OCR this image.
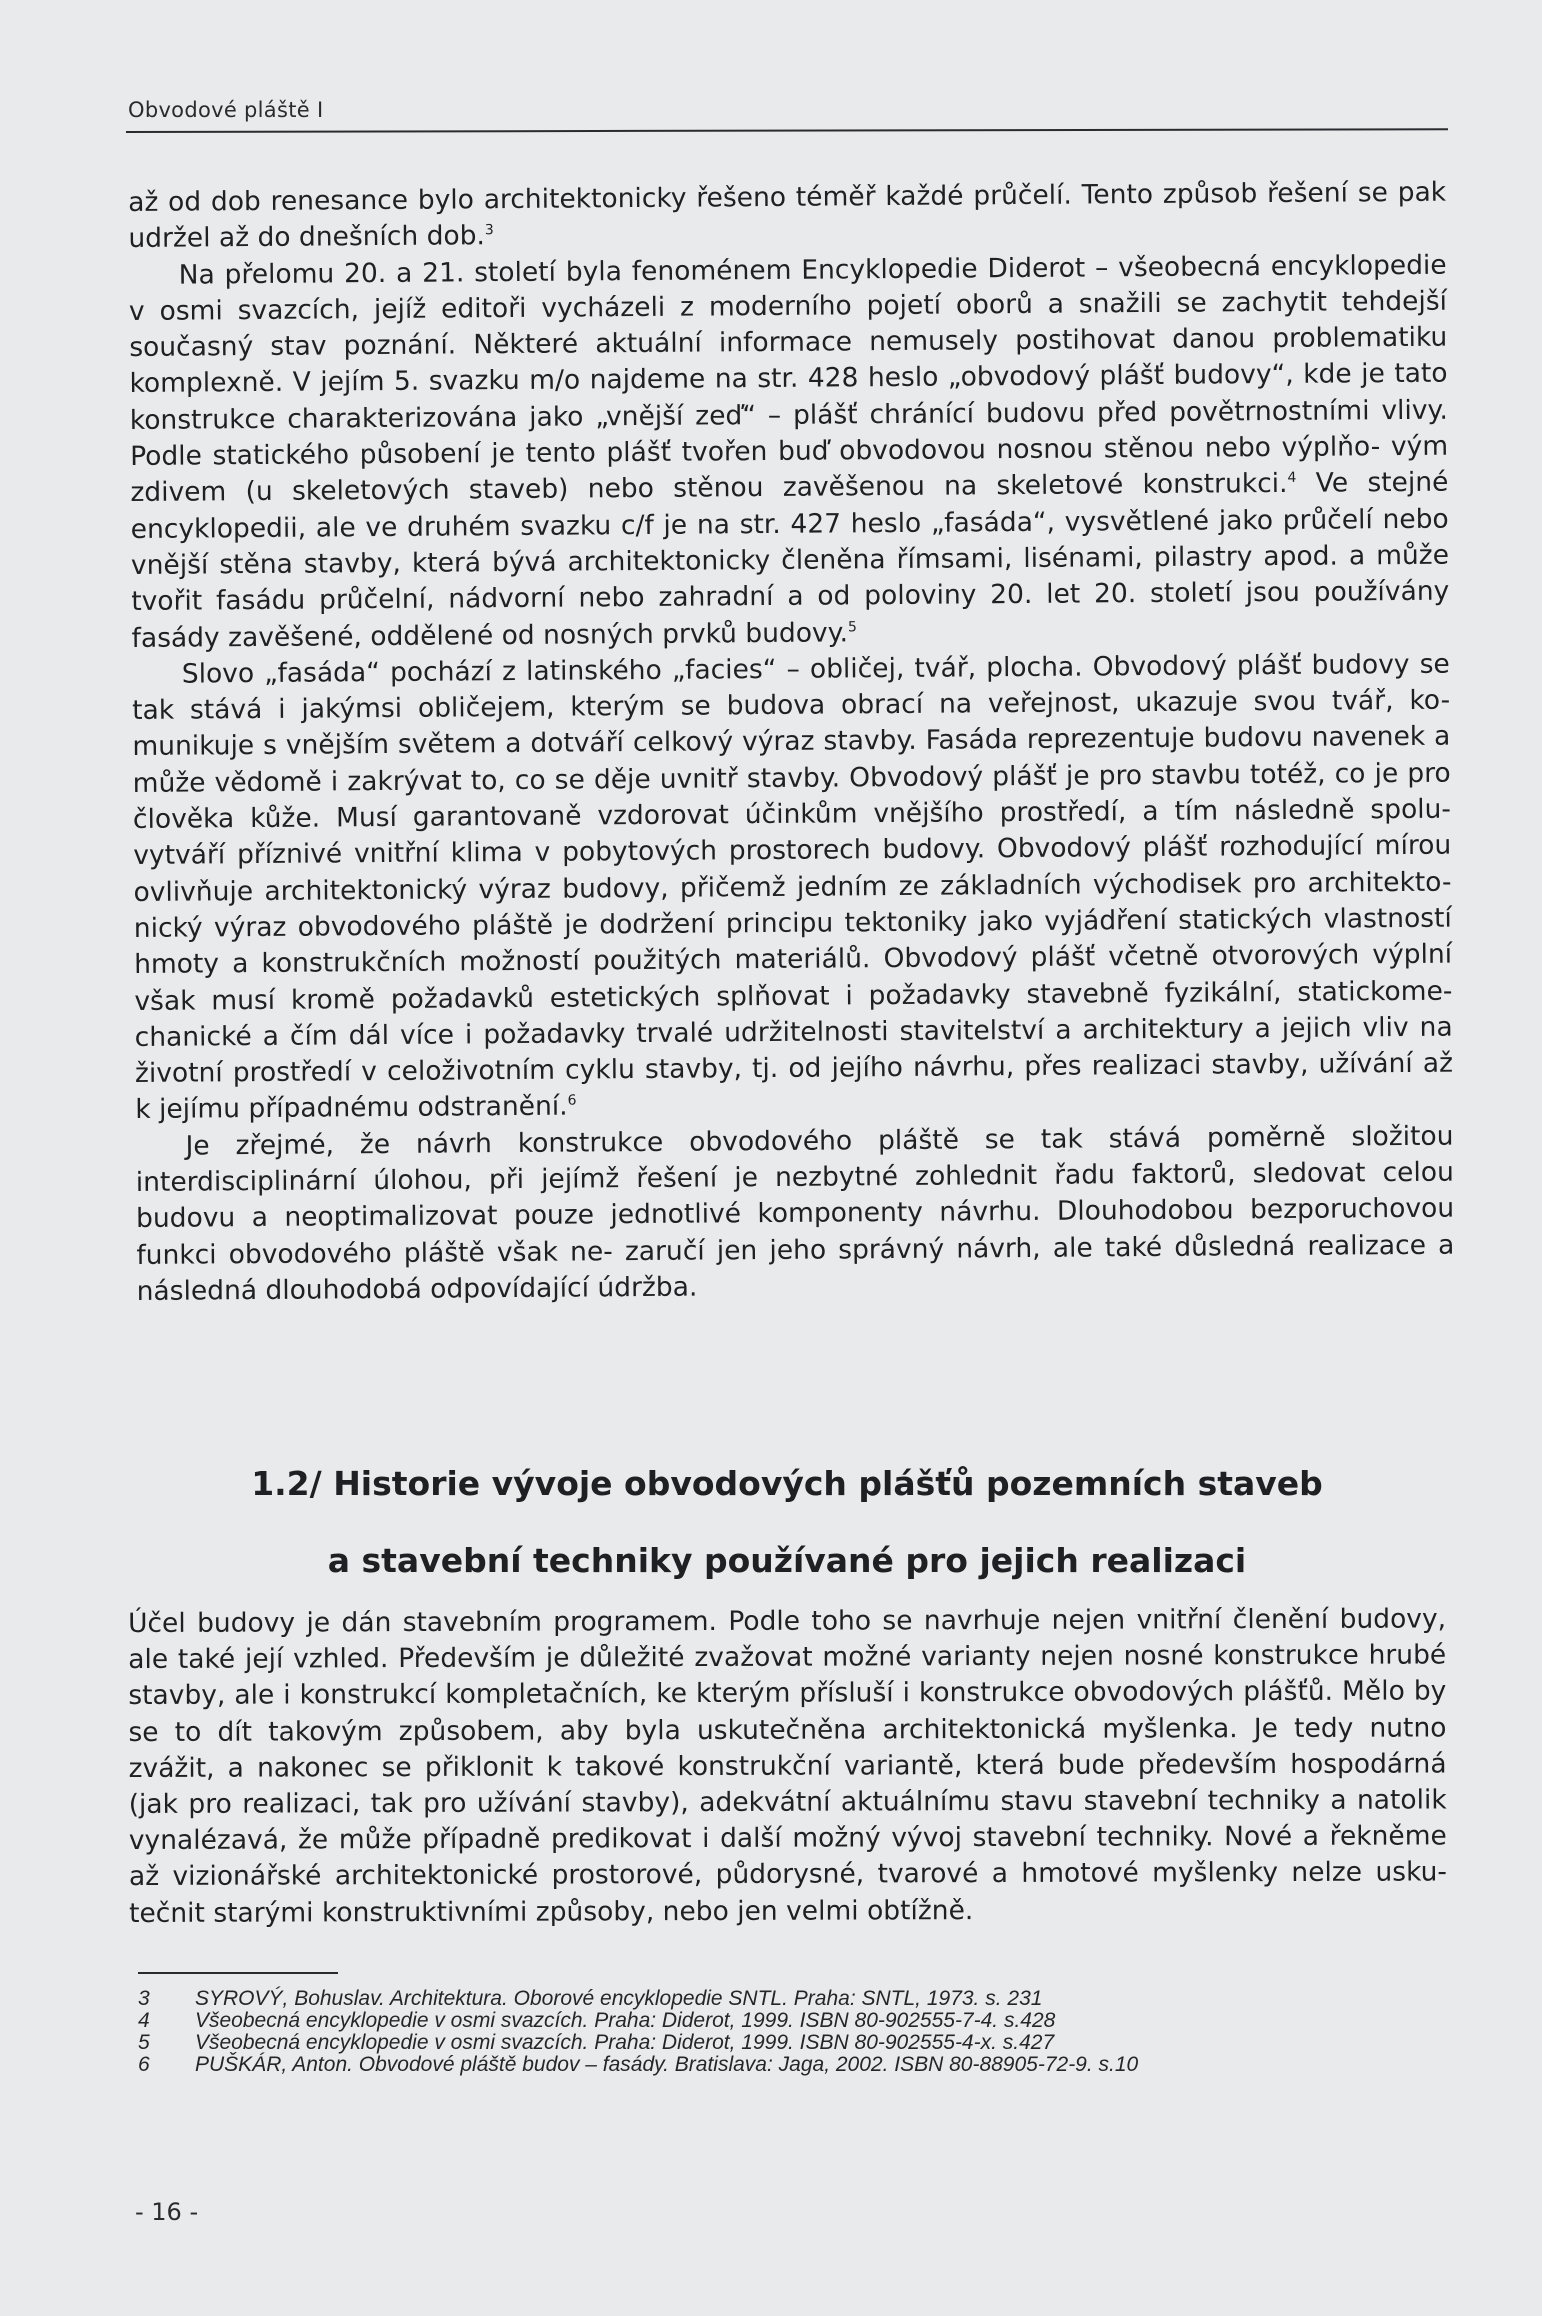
Obvodové pláště I

až od dob renesance bylo architektonicky řešeno téměř každé průčelí. Tento způsob řešení se pak udržel až do dnešních dob.$^3$

Na přelomu 20. a 21. století byla fenoménem Encyklopedie Diderot – všeobecná encyklopedie v osmi svazcích, jejíž editoři vycházeli z moderního pojetí oborů a snažili se zachytit tehdejší současný stav poznání. Některé aktuální informace nemusely postihovat danou problematiku komplexně. V jejím 5. svazku m/o najdeme na str. 428 heslo „obvodový plášť budovy“, kde je tato konstrukce charakterizována jako „vnější zeď“ – plášť chránící budovu před povětrnostními vlivy. Podle statického působení je tento plášť tvořen buď obvodovou nosnou stěnou nebo výplňo- vým zdivem (u skeletových staveb) nebo stěnou zavěšenou na skeletové konstrukci.$^4$ Ve stejné encyklopedii, ale ve druhém svazku c/f je na str. 427 heslo „fasáda“, vysvětlené jako průčelí nebo vnější stěna stavby, která bývá architektonicky členěna římsami, lisénami, pilastry apod. a může tvořit fasádu průčelní, nádvorní nebo zahradní a od poloviny 20. let 20. století jsou používány fasády zavěšené, oddělené od nosných prvků budovy.$^5$

Slovo „fasáda“ pochází z latinského „facies“ – obličej, tvář, plocha. Obvodový plášť budovy se tak stává i jakýmsi obličejem, kterým se budova obrací na veřejnost, ukazuje svou tvář, ko- munikuje s vnějším světem a dotváří celkový výraz stavby. Fasáda reprezentuje budovu navenek a může vědomě i zakrývat to, co se děje uvnitř stavby. Obvodový plášť je pro stavbu totéž, co je pro člověka kůže. Musí garantovaně vzdorovat účinkům vnějšího prostředí, a tím následně spolu- vytváří příznivé vnitřní klima v pobytových prostorech budovy. Obvodový plášť rozhodující mírou ovlivňuje architektonický výraz budovy, přičemž jedním ze základních východisek pro architekto- nický výraz obvodového pláště je dodržení principu tektoniky jako vyjádření statických vlastností hmoty a konstrukčních možností použitých materiálů. Obvodový plášť včetně otvorových výplní však musí kromě požadavků estetických splňovat i požadavky stavebně fyzikální, statickome- chanické a čím dál více i požadavky trvalé udržitelnosti stavitelství a architektury a jejich vliv na životní prostředí v celoživotním cyklu stavby, tj. od jejího návrhu, přes realizaci stavby, užívání až k jejímu případnému odstranění.$^6$

Je zřejmé, že návrh konstrukce obvodového pláště se tak stává poměrně složitou interdisciplinární úlohou, při jejímž řešení je nezbytné zohlednit řadu faktorů, sledovat celou budovu a neoptimalizovat pouze jednotlivé komponenty návrhu. Dlouhodobou bezporuchovou funkci obvodového pláště však ne- zaručí jen jeho správný návrh, ale také důsledná realizace a následná dlouhodobá odpovídající údržba.

1.2/ Historie vývoje obvodových plášťů pozemních staveb
a stavební techniky používané pro jejich realizaci

Účel budovy je dán stavebním programem. Podle toho se navrhuje nejen vnitřní členění budovy, ale také její vzhled. Především je důležité zvažovat možné varianty nejen nosné konstrukce hrubé stavby, ale i konstrukcí kompletačních, ke kterým přísluší i konstrukce obvodových plášťů. Mělo by se to dít takovým způsobem, aby byla uskutečněna architektonická myšlenka. Je tedy nutno zvážit, a nakonec se přiklonit k takové konstrukční variantě, která bude především hospodárná (jak pro realizaci, tak pro užívání stavby), adekvátní aktuálnímu stavu stavební techniky a natolik vynalézavá, že může případně predikovat i další možný vývoj stavební techniky. Nové a řekněme až vizionářské architektonické prostorové, půdorysné, tvarové a hmotové myšlenky nelze usku- tečnit starými konstruktivními způsoby, nebo jen velmi obtížně.

3	SYROVÝ, Bohuslav. Architektura. Oborové encyklopedie SNTL. Praha: SNTL, 1973. s. 231
4	Všeobecná encyklopedie v osmi svazcích. Praha: Diderot, 1999. ISBN 80-902555-7-4. s.428
5	Všeobecná encyklopedie v osmi svazcích. Praha: Diderot, 1999. ISBN 80-902555-4-x. s.427
6	PUŠKÁR, Anton. Obvodové pláště budov – fasády. Bratislava: Jaga, 2002. ISBN 80-88905-72-9. s.10
- 16 -
